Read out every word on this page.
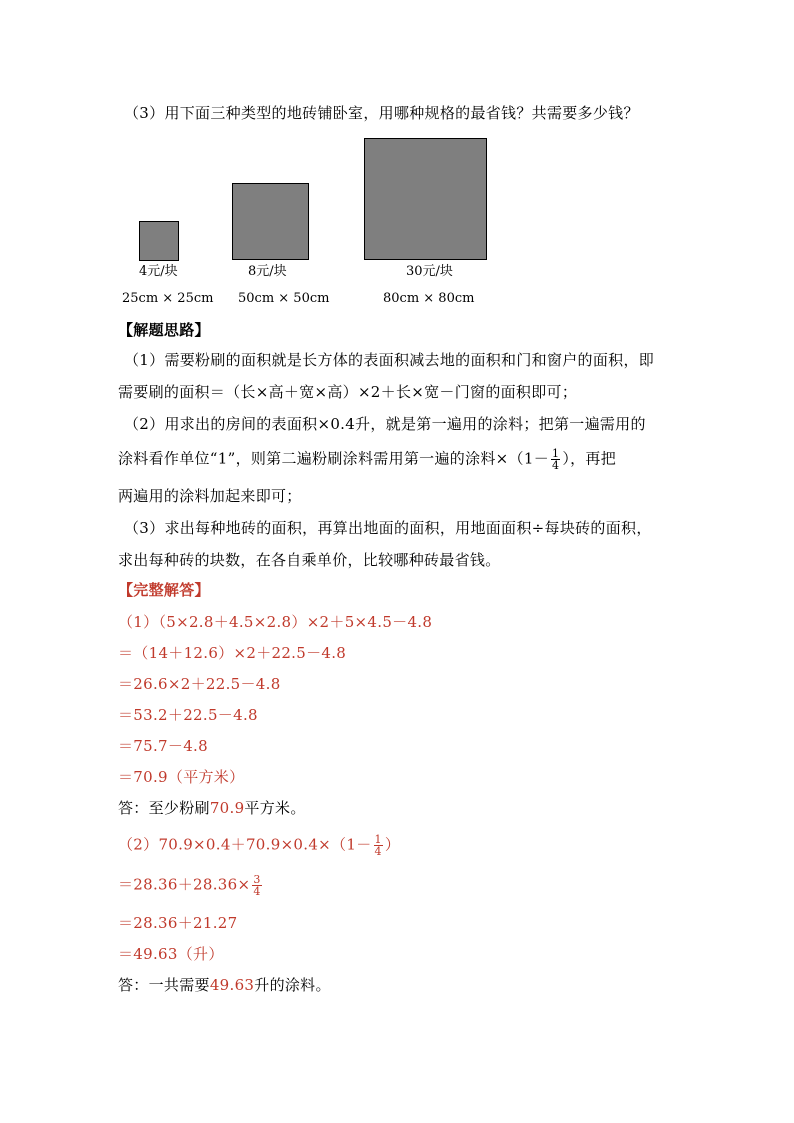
（3）用下面三种类型的地砖铺卧室，用哪种规格的最省钱？共需要多少钱？
4元/块	8元/块	30元/块
25cm × 25cm 50cm × 50cm	80cm × 80cm
【解题思路】
（1）需要粉刷的面积就是长方体的表面积减去地的面积和门和窗户的面积，即
需要刷的面积＝（长×高＋宽×高）×2＋长×宽－门窗的面积即可；
（2）用求出的房间的表面积×0.4升，就是第一遍用的涂料；把第一遍需用的
涂料看作单位“1”，则第二遍粉刷涂料需用第一遍的涂料$\times(1- \frac{1}{4}$ ），再把
两遍用的涂料加起来即可；
（3）求出每种地砖的面积，再算出地面的面积，用地面面积÷每块砖的面积，
求出每种砖的块数，在各自乘单价，比较哪种砖最省钱。
【完整解答】
（1）（5×2.8＋4.5×2.8）×2＋5×4.5－4.8
＝（14＋12.6）×2＋22.5－4.8
＝26.6×2＋22.5－4.8
＝53.2＋22.5－4.8
＝75.7－4.8
＝70.9（平方米）
答：至少粉刷70.9平方米。
$(2)70.9\times 0.4+70.9\times 0.4\times(1- \frac{1}{4}$ ）
$=28.36+28.36\times \frac{3}{4}$
＝28.36＋21.27
＝49.63（升）
答：一共需要49.63升的涂料。
